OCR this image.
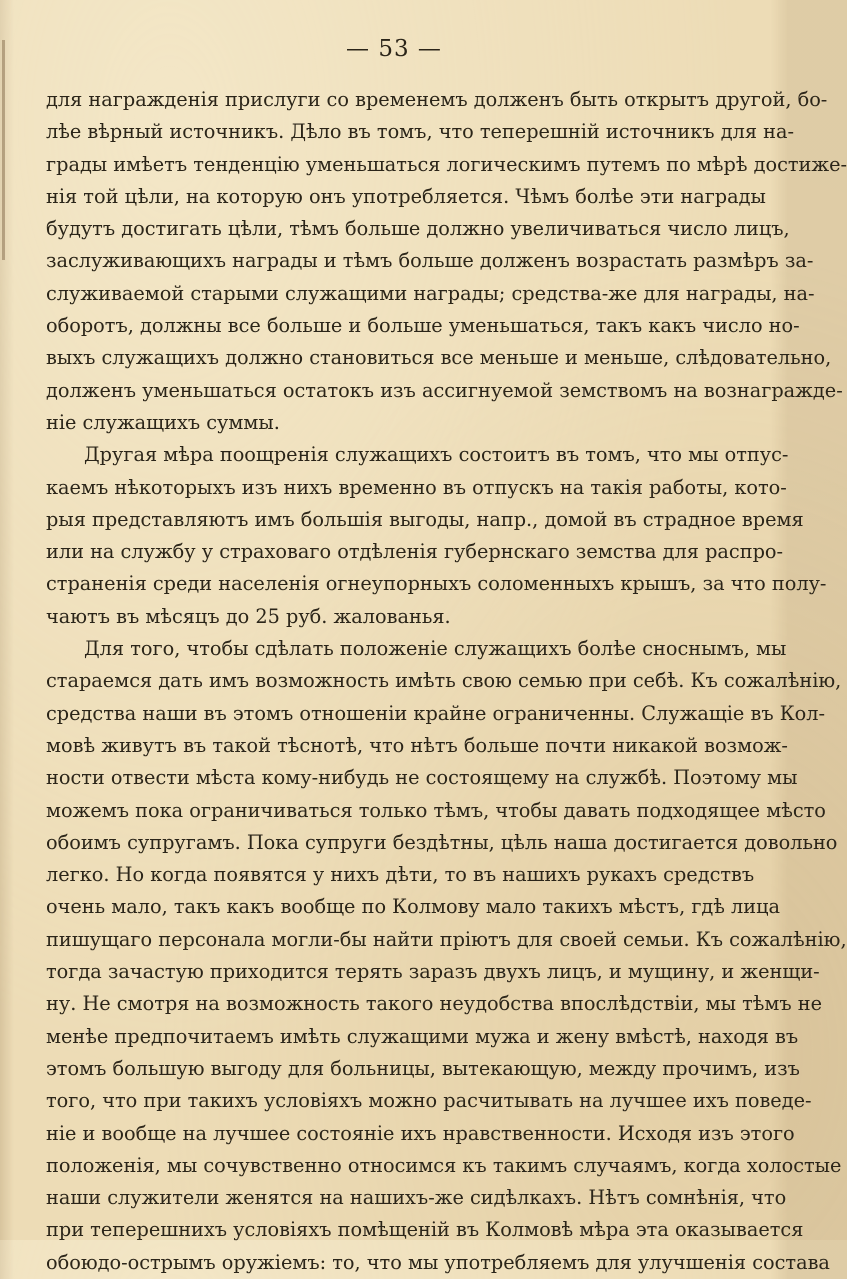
— 53 —
для награжденія прислуги со временемъ долженъ быть открытъ другой, бо-
лѣе вѣрный источникъ. Дѣло въ томъ, что теперешній источникъ для на-
грады имѣетъ тенденцію уменьшаться логическимъ путемъ по мѣрѣ достиже-
нія той цѣли, на которую онъ употребляется. Чѣмъ болѣе эти награды
будутъ достигать цѣли, тѣмъ больше должно увеличиваться число лицъ,
заслуживающихъ награды и тѣмъ больше долженъ возрастать размѣръ за-
служиваемой старыми служащими награды; средства-же для награды, на-
оборотъ, должны все больше и больше уменьшаться, такъ какъ число но-
выхъ служащихъ должно становиться все меньше и меньше, слѣдовательно,
долженъ уменьшаться остатокъ изъ ассигнуемой земствомъ на вознагражде-
ніе служащихъ суммы.
Другая мѣра поощренія служащихъ состоитъ въ томъ, что мы отпус-
каемъ нѣкоторыхъ изъ нихъ временно въ отпускъ на такія работы, кото-
рыя представляютъ имъ большія выгоды, напр., домой въ страдное время
или на службу у страховаго отдѣленія губернскаго земства для распро-
страненія среди населенія огнеупорныхъ соломенныхъ крышъ, за что полу-
чаютъ въ мѣсяцъ до 25 руб. жалованья.
Для того, чтобы сдѣлать положеніе служащихъ болѣе сноснымъ, мы
стараемся дать имъ возможность имѣть свою семью при себѣ. Къ сожалѣнію,
средства наши въ этомъ отношеніи крайне ограниченны. Служащіе въ Кол-
мовѣ живутъ въ такой тѣснотѣ, что нѣтъ больше почти никакой возмож-
ности отвести мѣста кому-нибудь не состоящему на службѣ. Поэтому мы
можемъ пока ограничиваться только тѣмъ, чтобы давать подходящее мѣсто
обоимъ супругамъ. Пока супруги бездѣтны, цѣль наша достигается довольно
легко. Но когда появятся у нихъ дѣти, то въ нашихъ рукахъ средствъ
очень мало, такъ какъ вообще по Колмову мало такихъ мѣстъ, гдѣ лица
пишущаго персонала могли-бы найти пріютъ для своей семьи. Къ сожалѣнію,
тогда зачастую приходится терять заразъ двухъ лицъ, и мущину, и женщи-
ну. Не смотря на возможность такого неудобства впослѣдствіи, мы тѣмъ не
менѣе предпочитаемъ имѣть служащими мужа и жену вмѣстѣ, находя въ
этомъ большую выгоду для больницы, вытекающую, между прочимъ, изъ
того, что при такихъ условіяхъ можно расчитывать на лучшее ихъ поведе-
ніе и вообще на лучшее состояніе ихъ нравственности. Исходя изъ этого
положенія, мы сочувственно относимся къ такимъ случаямъ, когда холостые
наши служители женятся на нашихъ-же сидѣлкахъ. Нѣтъ сомнѣнія, что
при теперешнихъ условіяхъ помѣщеній въ Колмовѣ мѣра эта оказывается
обоюдо-острымъ оружіемъ: то, что мы употребляемъ для улучшенія состава
